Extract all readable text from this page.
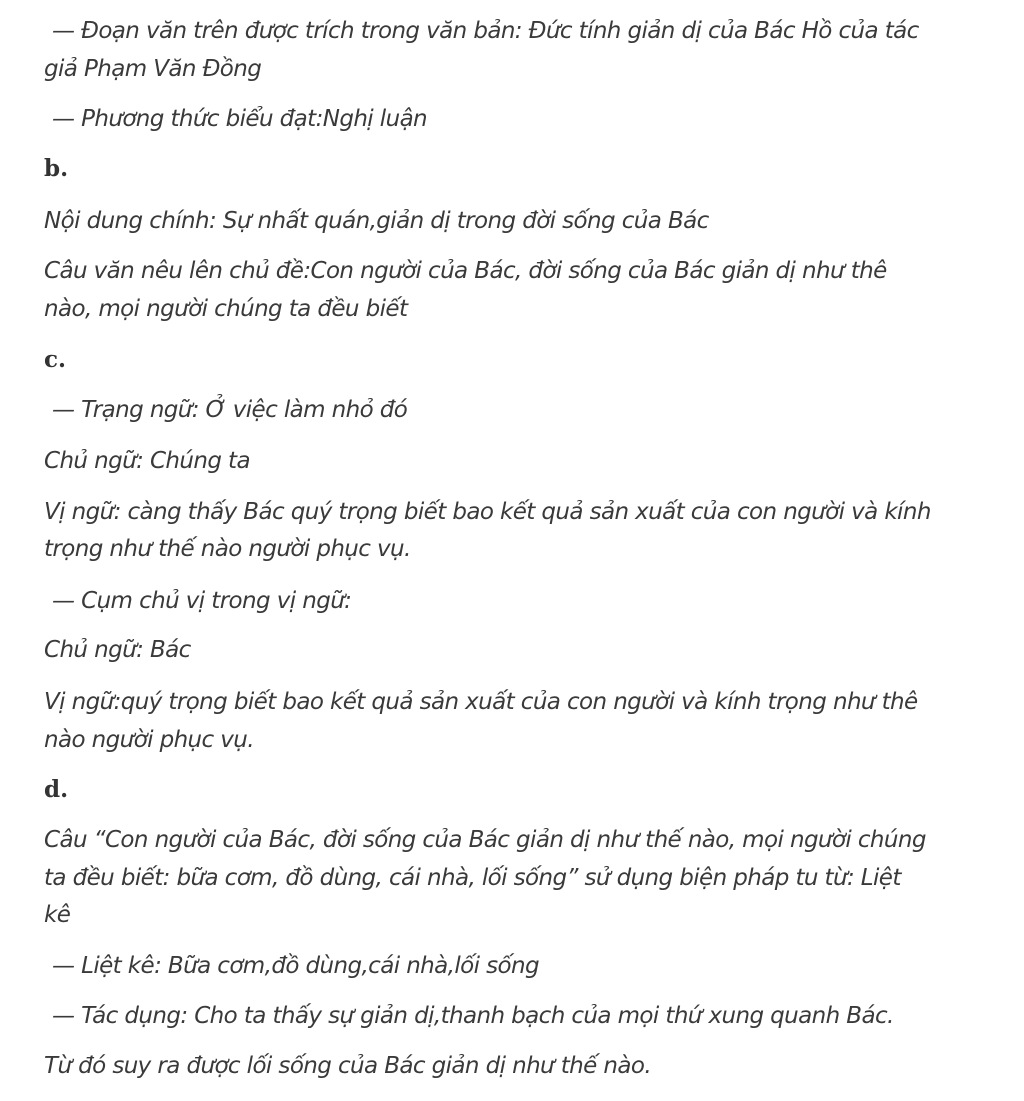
— Đoạn văn trên được trích trong văn bản: Đức tính giản dị của Bác Hồ của tác

giả Phạm Văn Đồng

— Phương thức biểu đạt:Nghị luận

b.

Nội dung chính: Sự nhất quán,giản dị trong đời sống của Bác

Câu văn nêu lên chủ đề:Con người của Bác, đời sống của Bác giản dị như thê

nào, mọi người chúng ta đều biết

c.

— Trạng ngữ: Ở việc làm nhỏ đó

Chủ ngữ: Chúng ta

Vị ngữ: càng thấy Bác quý trọng biết bao kết quả sản xuất của con người và kính

trọng như thế nào người phục vụ.

— Cụm chủ vị trong vị ngữ:

Chủ ngữ: Bác

Vị ngữ:quý trọng biết bao kết quả sản xuất của con người và kính trọng như thê

nào người phục vụ.

d.

Câu “Con người của Bác, đời sống của Bác giản dị như thế nào, mọi người chúng

ta đều biết: bữa cơm, đồ dùng, cái nhà, lối sống” sử dụng biện pháp tu từ: Liệt

kê

— Liệt kê: Bữa cơm,đồ dùng,cái nhà,lối sống

— Tác dụng: Cho ta thấy sự giản dị,thanh bạch của mọi thứ xung quanh Bác.

Từ đó suy ra được lối sống của Bác giản dị như thế nào.
